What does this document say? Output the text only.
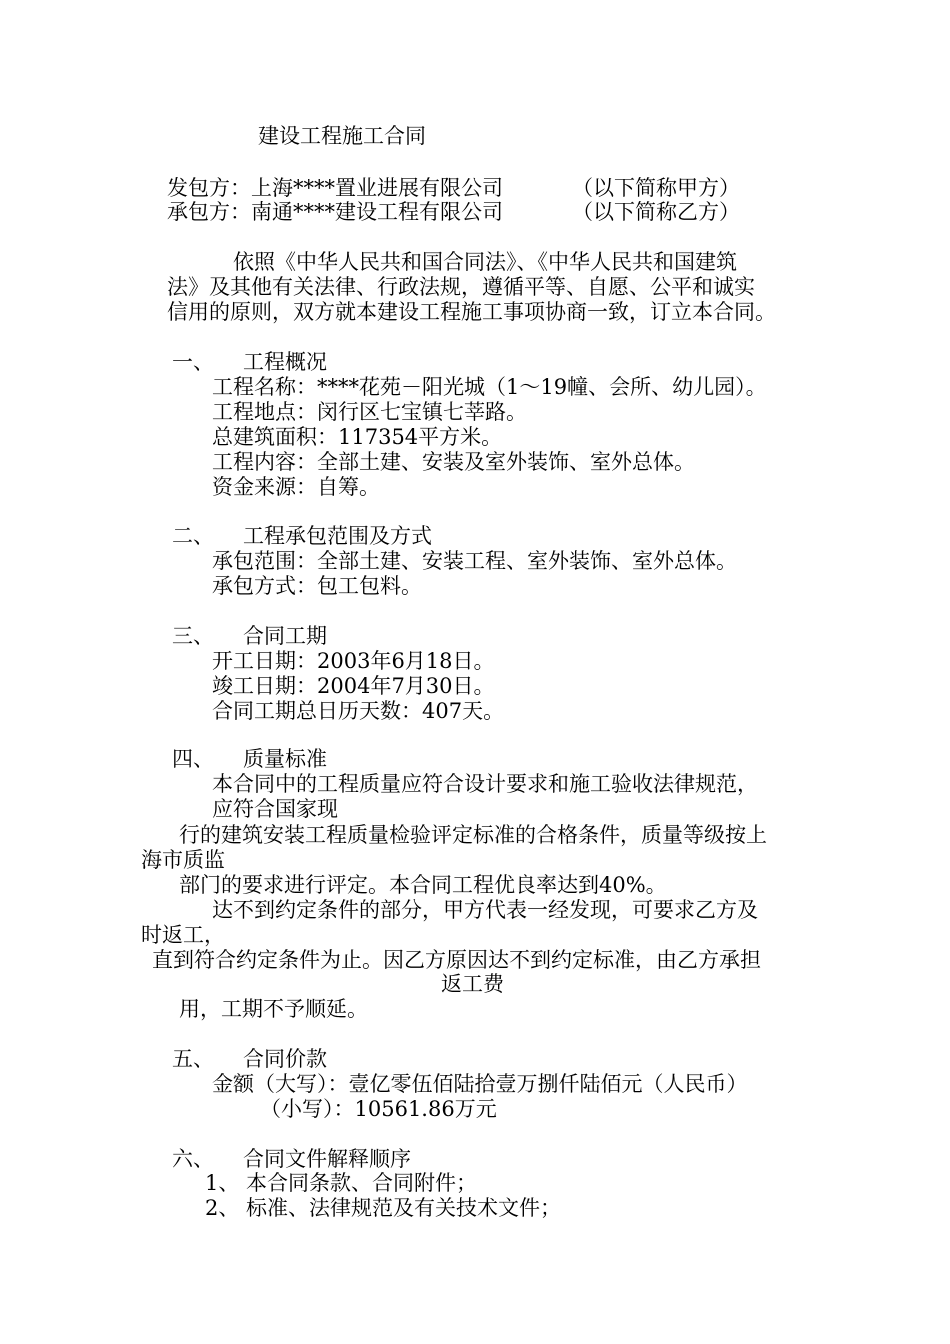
建设工程施工合同
发包方：上海****置业进展有限公司	（以下简称甲方）
承包方：南通****建设工程有限公司	（以下简称乙方）
依照《中华人民共和国合同法》、《中华人民共和国建筑
法》及其他有关法律、行政法规，遵循平等、自愿、公平和诚实
信用的原则，双方就本建设工程施工事项协商一致，订立本合同。
一、 工程概况
工程名称：****花苑－阳光城（1～19幢、会所、幼儿园）。
工程地点：闵行区七宝镇七莘路。
总建筑面积：117354平方米。
工程内容：全部土建、安装及室外装饰、室外总体。
资金来源：自筹。
二、 工程承包范围及方式
承包范围：全部土建、安装工程、室外装饰、室外总体。
承包方式：包工包料。
三、 合同工期
开工日期：2003年6月18日。
竣工日期：2004年7月30日。
合同工期总日历天数：407天。
四、 质量标准
本合同中的工程质量应符合设计要求和施工验收法律规范，
应符合国家现
行的建筑安装工程质量检验评定标准的合格条件，质量等级按上
海市质监
部门的要求进行评定。本合同工程优良率达到40%。
达不到约定条件的部分，甲方代表一经发现，可要求乙方及
时返工，
直到符合约定条件为止。因乙方原因达不到约定标准，由乙方承担
返工费
用，工期不予顺延。
五、 合同价款
金额（大写）：壹亿零伍佰陆拾壹万捌仟陆佰元（人民币）
（小写）：10561.86万元
六、 合同文件解释顺序
1、 本合同条款、合同附件；
2、 标准、法律规范及有关技术文件；
